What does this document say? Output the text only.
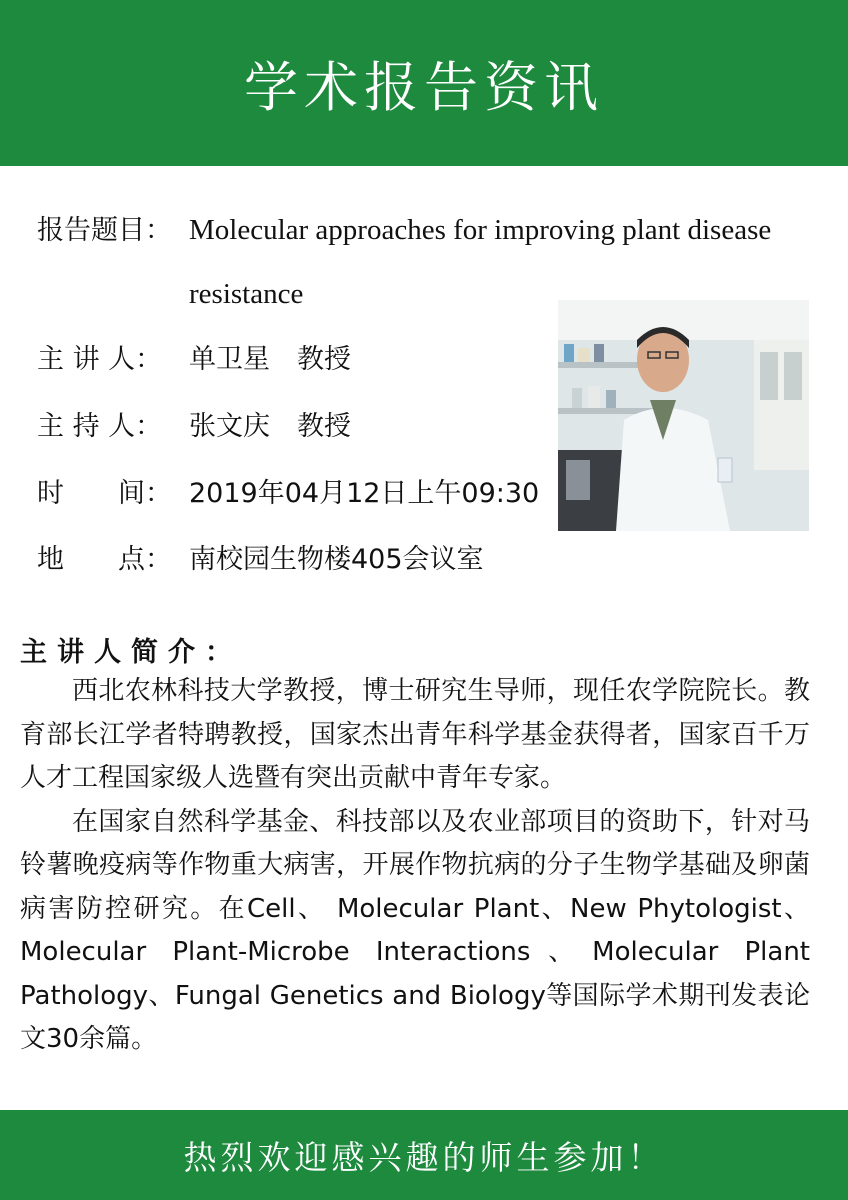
学术报告资讯
报告题目： Molecular approaches for improving plant disease
resistance
主 讲 人： 单卫星　教授
主 持 人： 张文庆　教授
时　　间： 2019年04月12日上午09:30
地　　点： 南校园生物楼405会议室
主讲人简介：

西北农林科技大学教授，博士研究生导师，现任农学院院长。教育部长江学者特聘教授，国家杰出青年科学基金获得者，国家百千万人才工程国家级人选暨有突出贡献中青年专家。

在国家自然科学基金、科技部以及农业部项目的资助下，针对马铃薯晚疫病等作物重大病害，开展作物抗病的分子生物学基础及卵菌病害防控研究。在Cell、 Molecular Plant、New Phytologist、Molecular Plant-Microbe Interactions、Molecular Plant Pathology、Fungal Genetics and Biology等国际学术期刊发表论文30余篇。

热烈欢迎感兴趣的师生参加！
